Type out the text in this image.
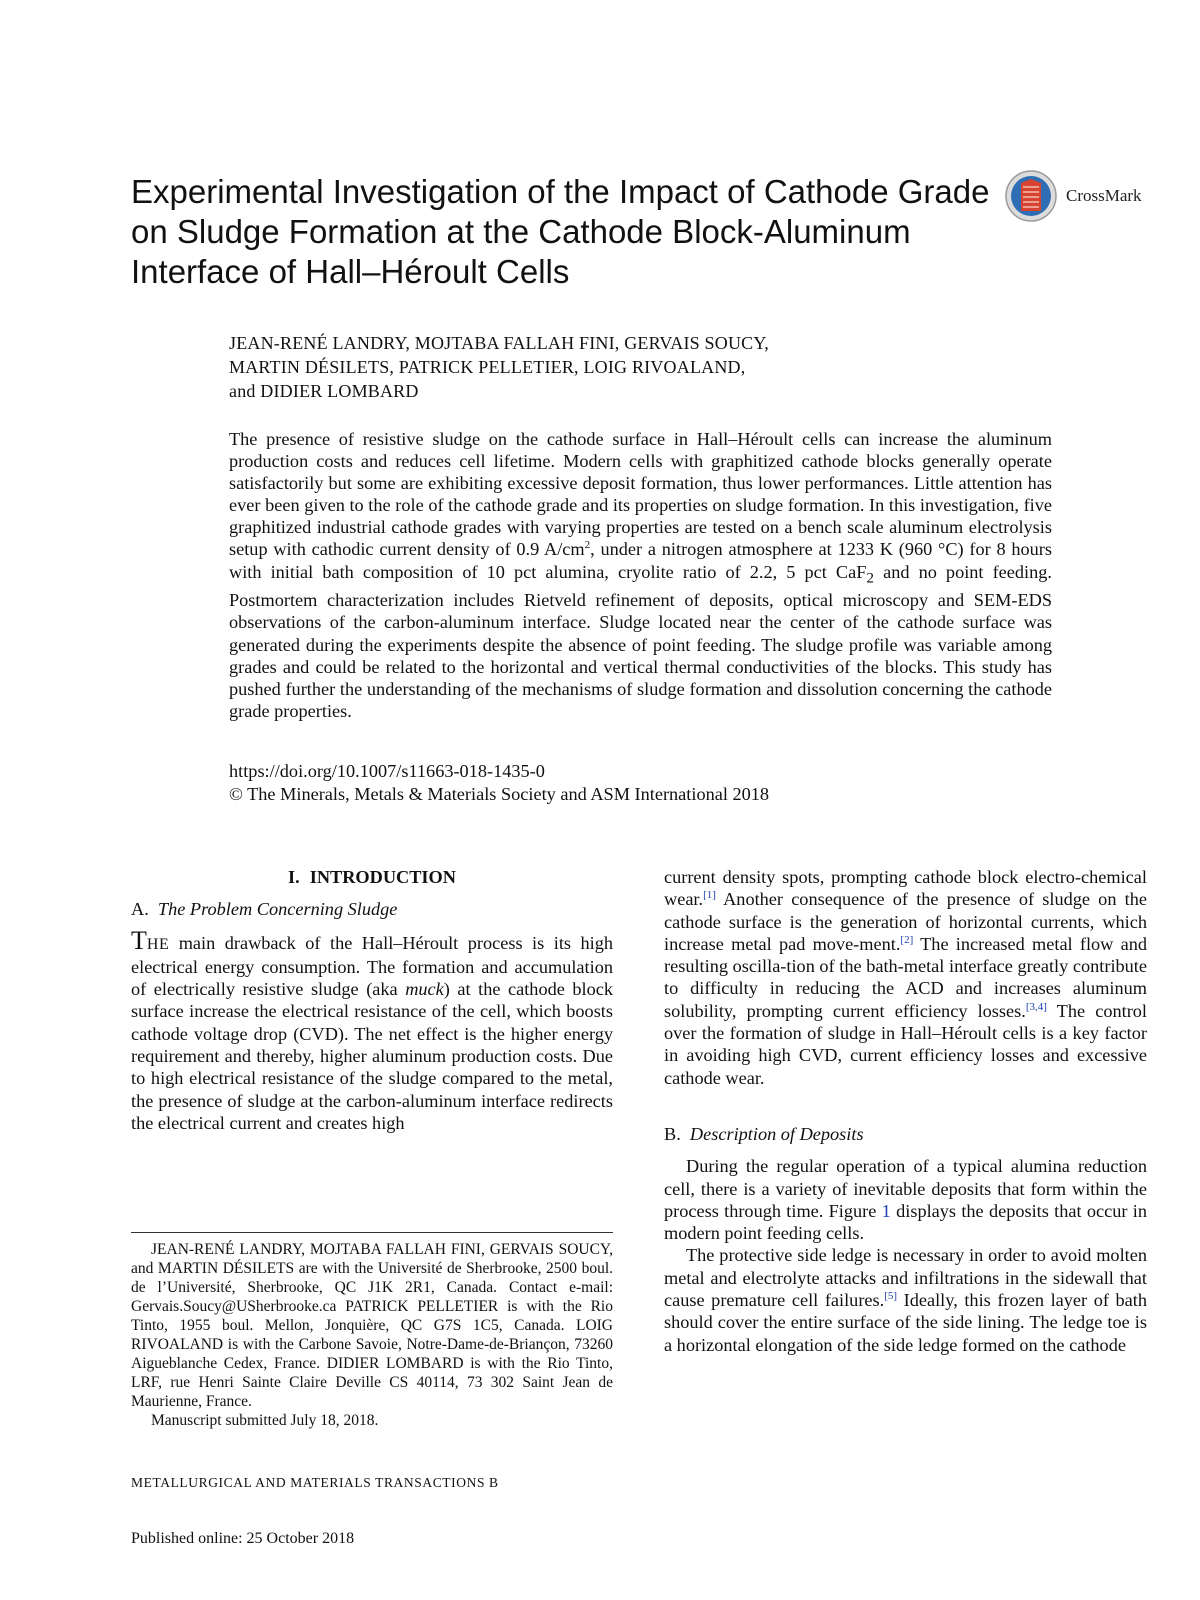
Experimental Investigation of the Impact of Cathode Grade on Sludge Formation at the Cathode Block-Aluminum Interface of Hall–Héroult Cells
CrossMark
JEAN-RENÉ LANDRY, MOJTABA FALLAH FINI, GERVAIS SOUCY,
MARTIN DÉSILETS, PATRICK PELLETIER, LOIG RIVOALAND,
and DIDIER LOMBARD

The presence of resistive sludge on the cathode surface in Hall–Héroult cells can increase the aluminum production costs and reduces cell lifetime. Modern cells with graphitized cathode blocks generally operate satisfactorily but some are exhibiting excessive deposit formation, thus lower performances. Little attention has ever been given to the role of the cathode grade and its properties on sludge formation. In this investigation, five graphitized industrial cathode grades with varying properties are tested on a bench scale aluminum electrolysis setup with cathodic current density of 0.9 $A/cm^2$, under a nitrogen atmosphere at 1233 K (960 °C) for 8 hours with initial bath composition of 10 pct alumina, cryolite ratio of 2.2, 5 pct CaF$_2$ and no point feeding. Postmortem characterization includes Rietveld refinement of deposits, optical microscopy and SEM-EDS observations of the carbon-aluminum interface. Sludge located near the center of the cathode surface was generated during the experiments despite the absence of point feeding. The sludge profile was variable among grades and could be related to the horizontal and vertical thermal conductivities of the blocks. This study has pushed further the understanding of the mechanisms of sludge formation and dissolution concerning the cathode grade properties.

https://doi.org/10.1007/s11663-018-1435-0
© The Minerals, Metals & Materials Society and ASM International 2018
I. INTRODUCTION
A. The Problem Concerning Sludge

THE main drawback of the Hall–Héroult process is its high electrical energy consumption. The formation and accumulation of electrically resistive sludge (aka muck) at the cathode block surface increase the electrical resistance of the cell, which boosts cathode voltage drop (CVD). The net effect is the higher energy requirement and thereby, higher aluminum production costs. Due to high electrical resistance of the sludge compared to the metal, the presence of sludge at the carbon-aluminum interface redirects the electrical current and creates high

current density spots, prompting cathode block electro-chemical wear.[1] Another consequence of the presence of sludge on the cathode surface is the generation of horizontal currents, which increase metal pad move-ment.[2] The increased metal flow and resulting oscilla-tion of the bath-metal interface greatly contribute to difficulty in reducing the ACD and increases aluminum solubility, prompting current efficiency losses.[3,4] The control over the formation of sludge in Hall–Héroult cells is a key factor in avoiding high CVD, current efficiency losses and excessive cathode wear.

B. Description of Deposits

During the regular operation of a typical alumina reduction cell, there is a variety of inevitable deposits that form within the process through time. Figure 1 displays the deposits that occur in modern point feeding cells.

The protective side ledge is necessary in order to avoid molten metal and electrolyte attacks and infiltrations in the sidewall that cause premature cell failures.[5] Ideally, this frozen layer of bath should cover the entire surface of the side lining. The ledge toe is a horizontal elongation of the side ledge formed on the cathode

JEAN-RENÉ LANDRY, MOJTABA FALLAH FINI, GERVAIS SOUCY, and MARTIN DÉSILETS are with the Université de Sherbrooke, 2500 boul. de l’Université, Sherbrooke, QC J1K 2R1, Canada. Contact e-mail: Gervais.Soucy@USherbrooke.ca PATRICK PELLETIER is with the Rio Tinto, 1955 boul. Mellon, Jonquière, QC G7S 1C5, Canada. LOIG RIVOALAND is with the Carbone Savoie, Notre-Dame-de-Briançon, 73260 Aigueblanche Cedex, France. DIDIER LOMBARD is with the Rio Tinto, LRF, rue Henri Sainte Claire Deville CS 40114, 73 302 Saint Jean de Maurienne, France.

Manuscript submitted July 18, 2018.

METALLURGICAL AND MATERIALS TRANSACTIONS B
Published online: 25 October 2018
